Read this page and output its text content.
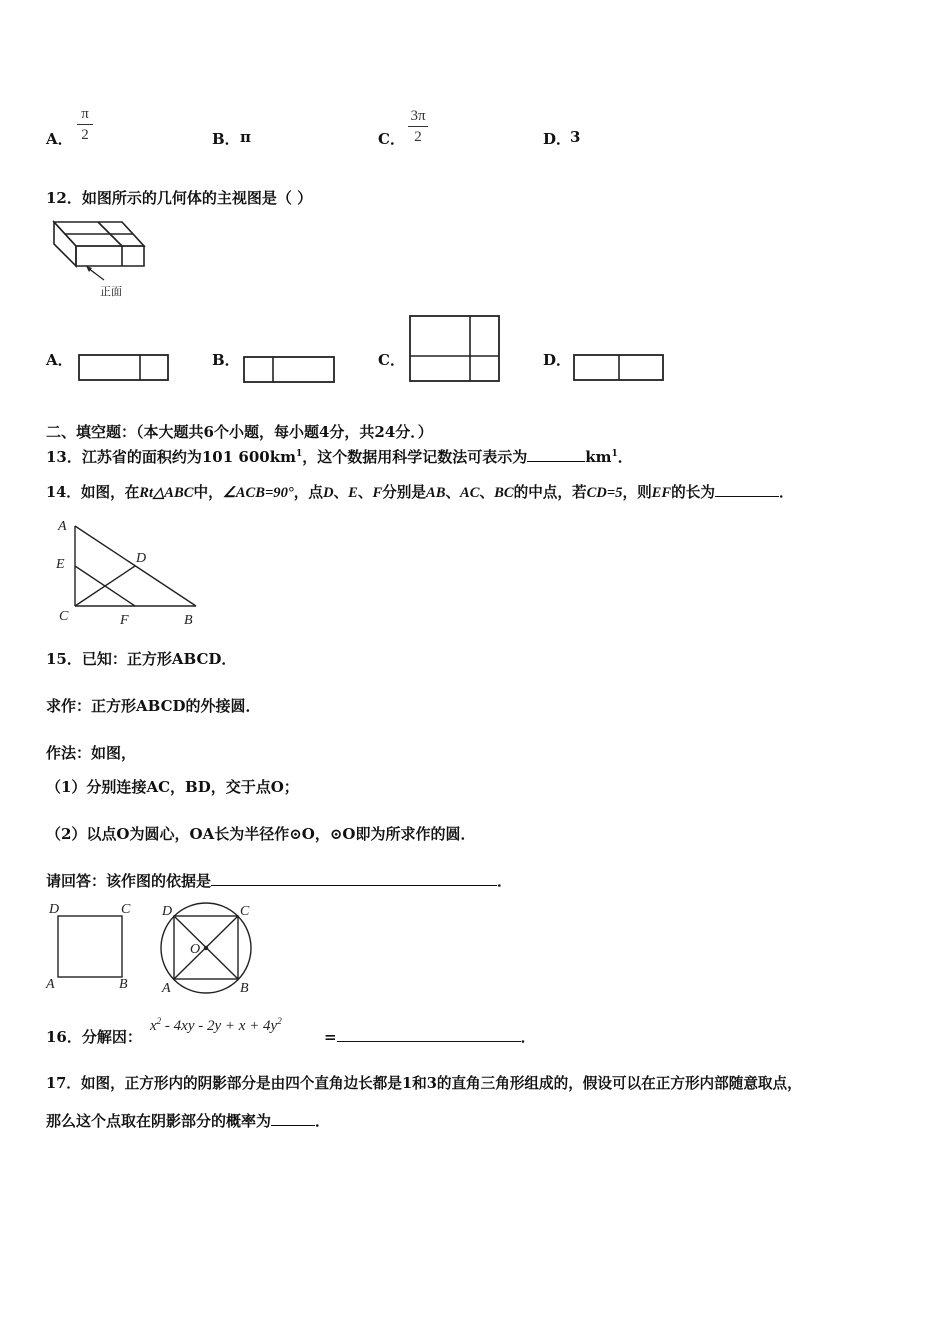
A．
π
2	B． π	C．
3π
2	D．
3
12．如图所示的几何体的主视图是（ ）
正面
A．	B．	C．	D．
二、填空题：（本大题共6个小题，每小题4分，共24分．）
13．江苏省的面积约为101 $600km^1$，这个数据用科学记数法可表示为	$km^1$．
14．如图，在Rt△ABC中，∠ACB=90°，点D、E、F分别是AB、AC、BC的中点，若CD=5，则EF的长为	．
A
D
E
C	F	B
15．已知：正方形ABCD．
求作：正方形ABCD的外接圆．
作法：如图，
（1）分别连接AC，BD，交于点O；
（2）以点O为圆心，OA长为半径作⊙O，⊙O即为所求作的圆．
请回答：该作图的依据是	．
D	C
A	B
D	C
O
A	B
16．分解因：
$x^2 - 4xy - 2y + x + 4y^2$
=	．
17．如图，正方形内的阴影部分是由四个直角边长都是1和3的直角三角形组成的，假设可以在正方形内部随意取点，
那么这个点取在阴影部分的概率为	．
